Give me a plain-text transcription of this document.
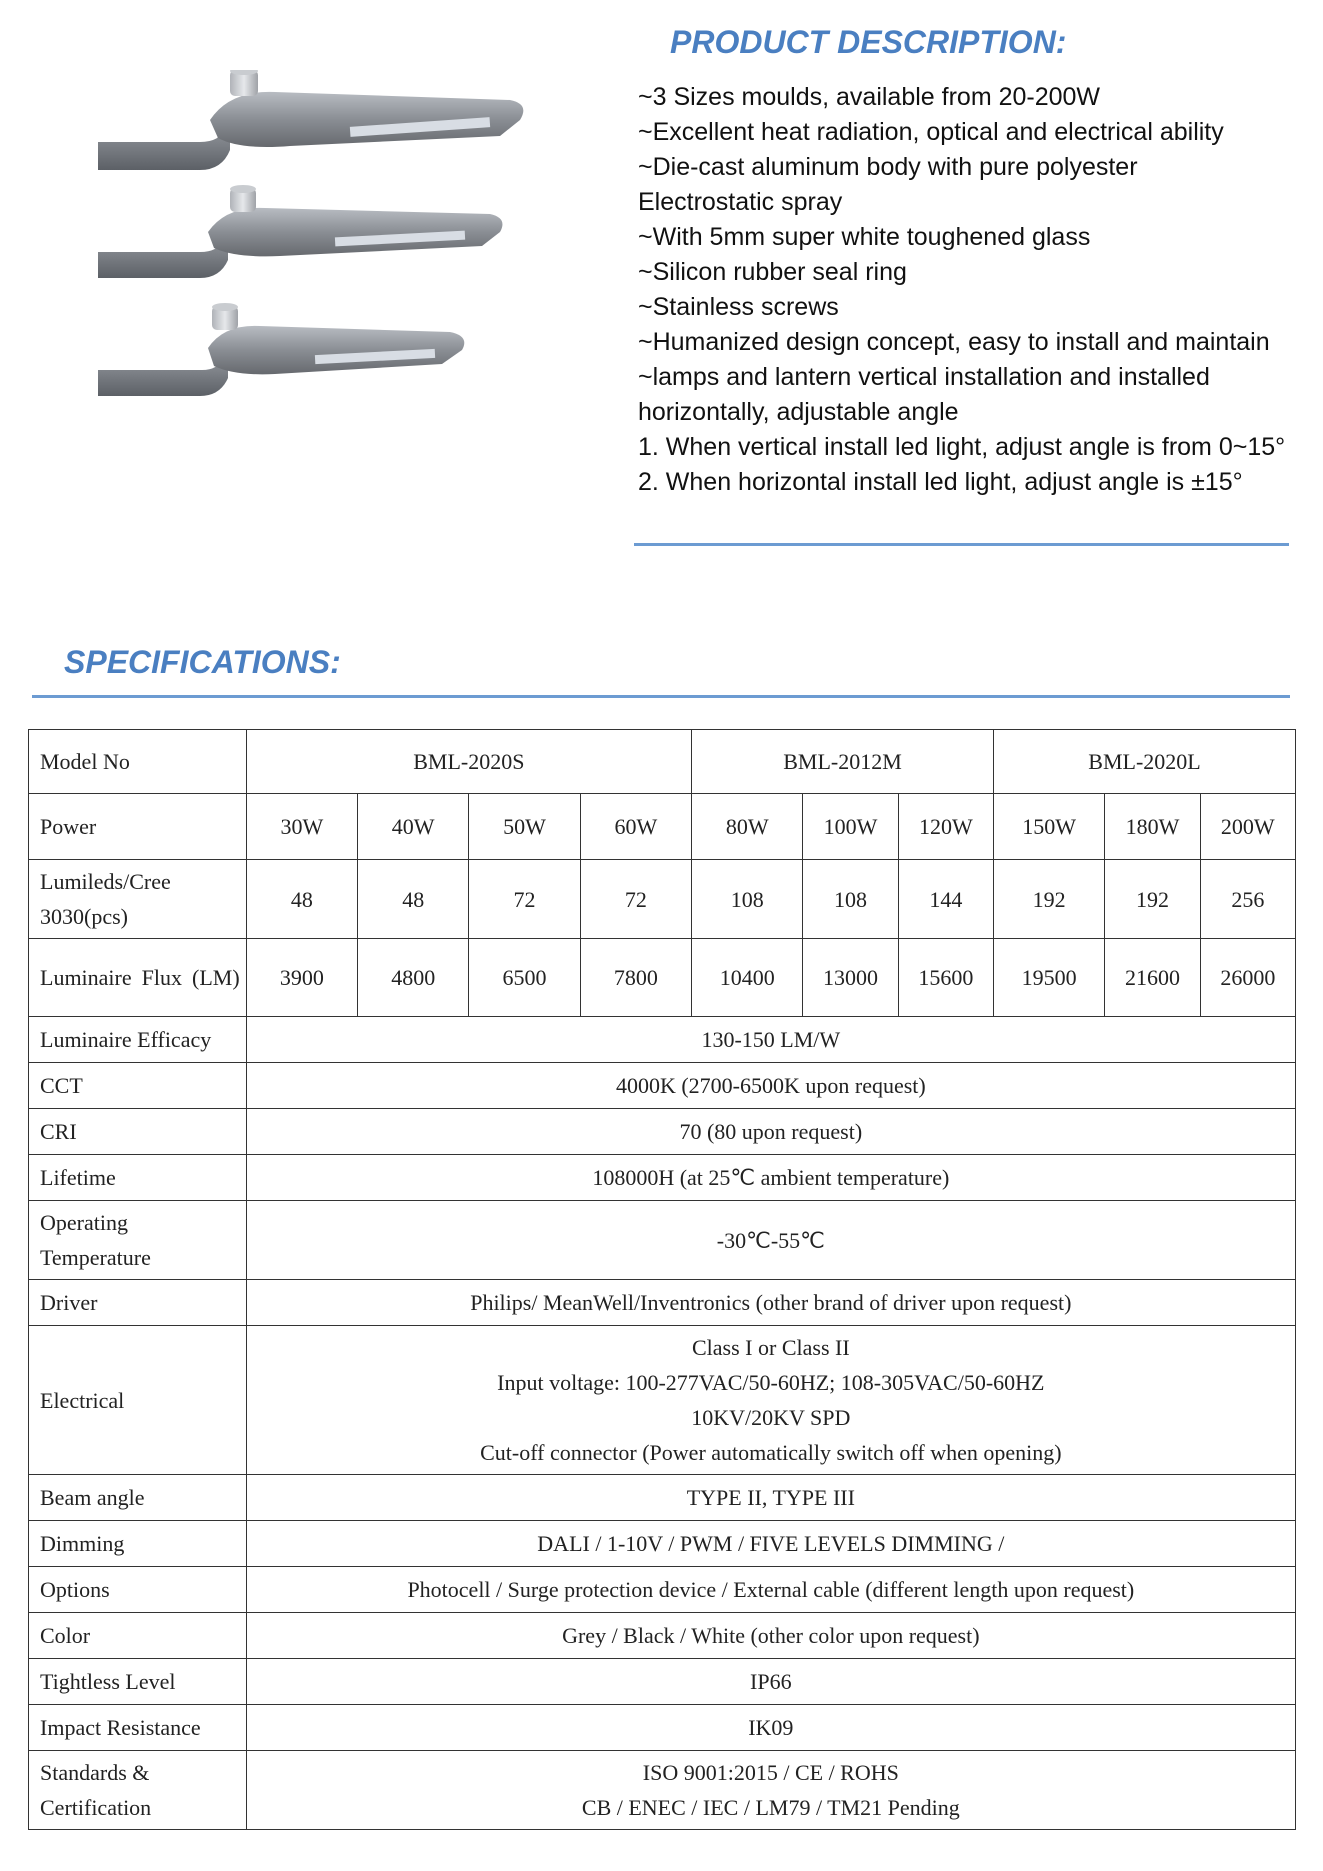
PRODUCT DESCRIPTION:
~3 Sizes moulds, available from 20-200W
~Excellent heat radiation, optical and electrical ability
~Die-cast aluminum body with pure polyester
Electrostatic spray
~With 5mm super white toughened glass
~Silicon rubber seal ring
~Stainless screws
~Humanized design concept, easy to install and maintain
~lamps and lantern vertical installation and installed
horizontally, adjustable angle
1. When vertical install led light, adjust angle is from 0~15°
2. When horizontal install led light, adjust angle is ±15°
SPECIFICATIONS:
Model No	BML-2020S				BML-2012M			BML-2020L		
Power	30W	40W	50W	60W	80W	100W	120W	150W	180W	200W
Lumileds/Cree 3030(pcs)	48	48	72	72	108	108	144	192	192	256
Luminaire Flux (LM)	3900	4800	6500	7800	10400	13000	15600	19500	21600	26000
Luminaire Efficacy	130-150 LM/W									
CCT	4000K (2700-6500K upon request)									
CRI	70 (80 upon request)									
Lifetime	108000H (at 25℃ ambient temperature)									
Operating Temperature	-30℃-55℃									
Driver	Philips/ MeanWell/Inventronics (other brand of driver upon request)									
Electrical	Class I or Class II
Input voltage: 100-277VAC/50-60HZ; 108-305VAC/50-60HZ
10KV/20KV SPD
Cut-off connector (Power automatically switch off when opening)									

Beam angle	TYPE II, TYPE III									
Dimming	DALI / 1-10V / PWM / FIVE LEVELS DIMMING /									
Options	Photocell / Surge protection device / External cable (different length upon request)									
Color	Grey / Black / White (other color upon request)									
Tightless Level	IP66									
Impact Resistance	IK09									

Standards &
Certification	ISO 9001:2015 / CE / ROHS
CB / ENEC / IEC / LM79 / TM21 Pending									
